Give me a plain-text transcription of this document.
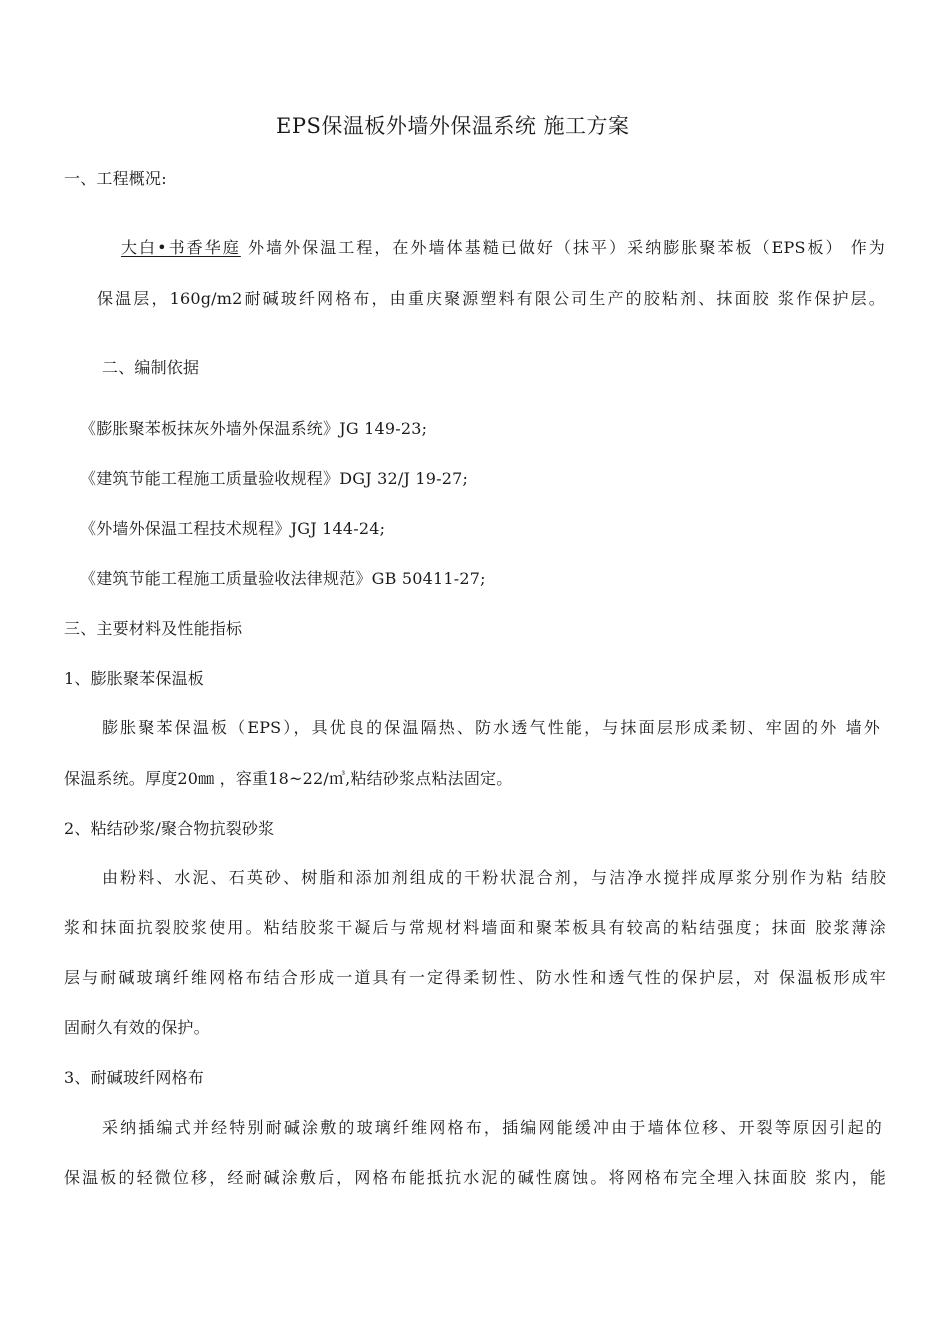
EPS保温板外墙外保温系统 施工方案
一、工程概况:
大白•书香华庭 外墙外保温工程，在外墙体基糙已做好（抹平）采纳膨胀聚苯板（EPS板） 作为
保温层，160g/m2耐碱玻纤网格布，由重庆聚源塑料有限公司生产的胶粘剂、抹面胶 浆作保护层。
二、编制依据
《膨胀聚苯板抹灰外墙外保温系统》JG 149-23;
《建筑节能工程施工质量验收规程》DGJ 32/J 19-27;
《外墙外保温工程技术规程》JGJ 144-24;
《建筑节能工程施工质量验收法律规范》GB 50411-27;
三、主要材料及性能指标
1、膨胀聚苯保温板
膨胀聚苯保温板（EPS），具优良的保温隔热、防水透气性能，与抹面层形成柔韧、牢固的外 墙外
保温系统。厚度20㎜ ，容重18~22/㎥,粘结砂浆点粘法固定。
2、粘结砂浆/聚合物抗裂砂浆
由粉料、水泥、石英砂、树脂和添加剂组成的干粉状混合剂，与洁净水搅拌成厚浆分别作为粘 结胶
浆和抹面抗裂胶浆使用。粘结胶浆干凝后与常规材料墙面和聚苯板具有较高的粘结强度；抹面 胶浆薄涂
层与耐碱玻璃纤维网格布结合形成一道具有一定得柔韧性、防水性和透气性的保护层，对 保温板形成牢
固耐久有效的保护。
3、耐碱玻纤网格布
采纳插编式并经特别耐碱涂敷的玻璃纤维网格布，插编网能缓冲由于墙体位移、开裂等原因引起的
保温板的轻微位移，经耐碱涂敷后，网格布能抵抗水泥的碱性腐蚀。将网格布完全埋入抹面胶 浆内，能
